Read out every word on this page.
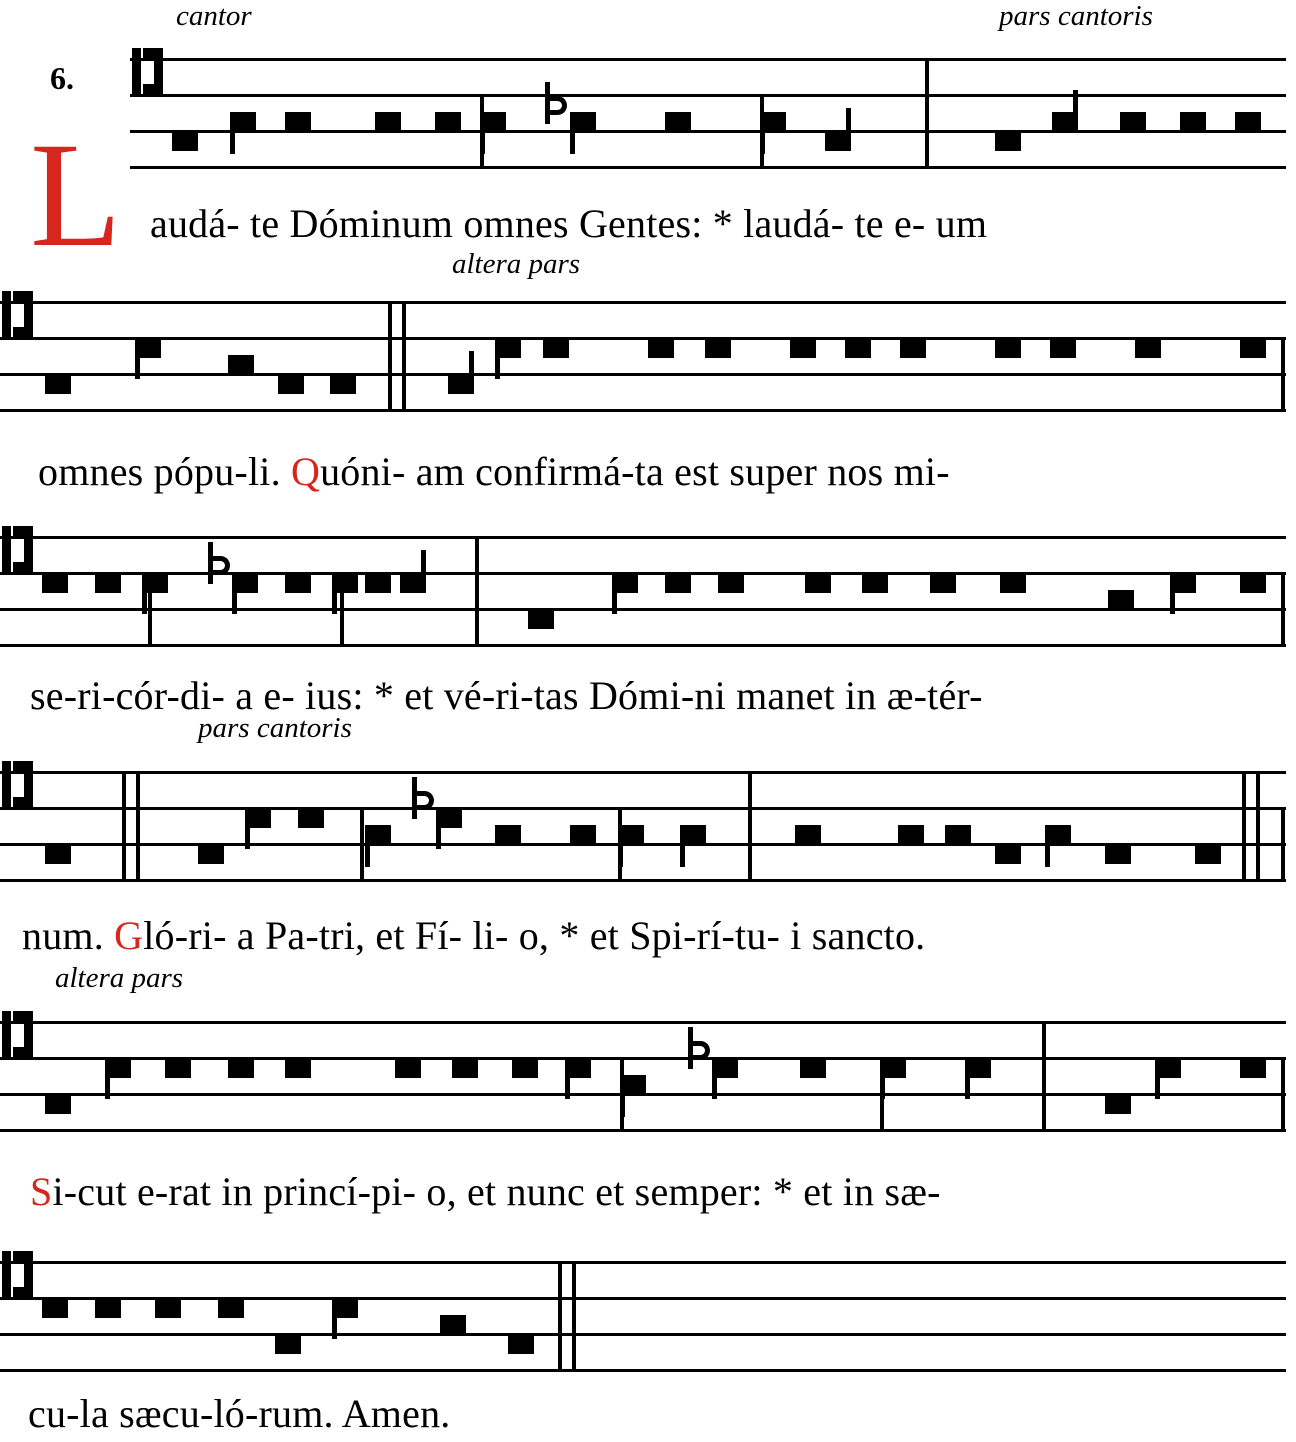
cantor	pars cantoris
6.
L audá- te Dóminum omnes Gentes: * laudá- te e- um
altera pars
omnes pópu-li. Quóni- am confirmá-ta est super nos mi-
se-ri-cór-di- a e- ius: * et vé-ri-tas Dómi-ni manet in æ-tér-
pars cantoris
num. Gló-ri- a Pa-tri, et Fí- li- o, * et Spi-rí-tu- i sancto.
altera pars
Si-cut e-rat in princí-pi- o, et nunc et semper: * et in sæ-
cu-la sæcu-ló-rum. Amen.
